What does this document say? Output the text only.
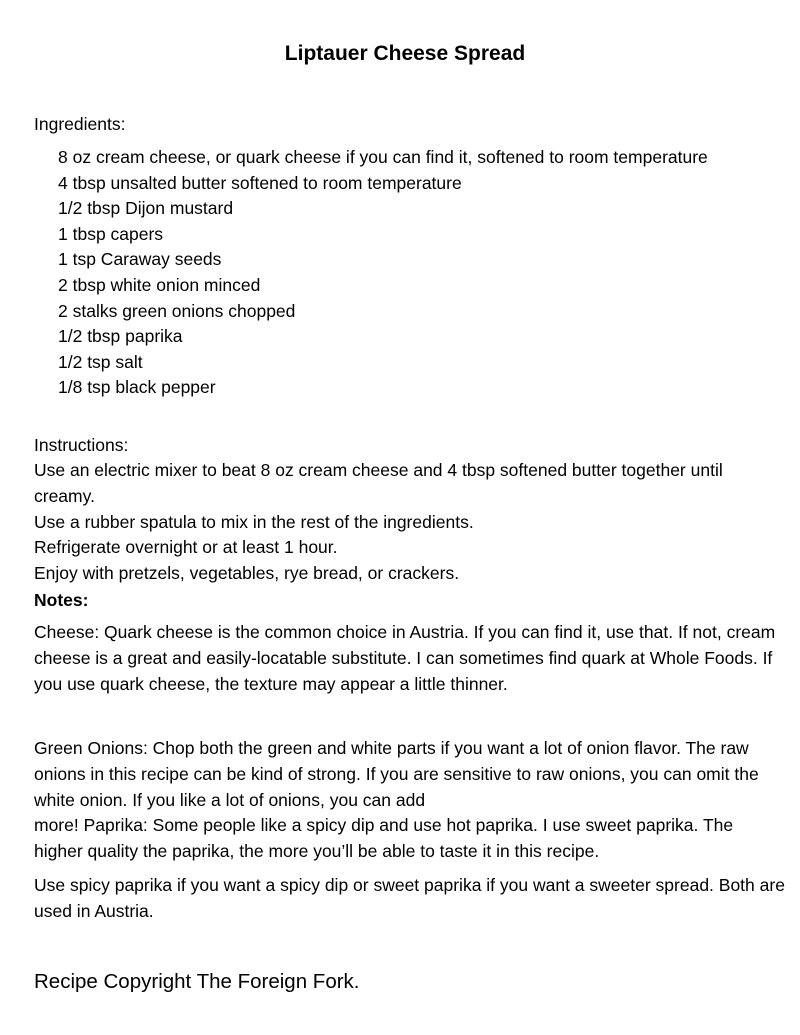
Liptauer Cheese Spread
Ingredients:
8 oz cream cheese, or quark cheese if you can find it, softened to room temperature
4 tbsp unsalted butter softened to room temperature
1/2 tbsp Dijon mustard
1 tbsp capers
1 tsp Caraway seeds
2 tbsp white onion minced
2 stalks green onions chopped
1/2 tbsp paprika
1/2 tsp salt
1/8 tsp black pepper
Instructions:

Use an electric mixer to beat 8 oz cream cheese and 4 tbsp softened butter together until creamy.

Use a rubber spatula to mix in the rest of the ingredients.

Refrigerate overnight or at least 1 hour.

Enjoy with pretzels, vegetables, rye bread, or crackers.

Notes:
Cheese: Quark cheese is the common choice in Austria. If you can find it, use that. If not, cream cheese is a great and easily-locatable substitute. I can sometimes find quark at Whole Foods. If you use quark cheese, the texture may appear a little thinner.

Green Onions: Chop both the green and white parts if you want a lot of onion flavor. The raw onions in this recipe can be kind of strong. If you are sensitive to raw onions, you can omit the white onion. If you like a lot of onions, you can add

more! Paprika: Some people like a spicy dip and use hot paprika. I use sweet paprika. The higher quality the paprika, the more you’ll be able to taste it in this recipe.

Use spicy paprika if you want a spicy dip or sweet paprika if you want a sweeter spread. Both are used in Austria.
Recipe Copyright The Foreign Fork.
